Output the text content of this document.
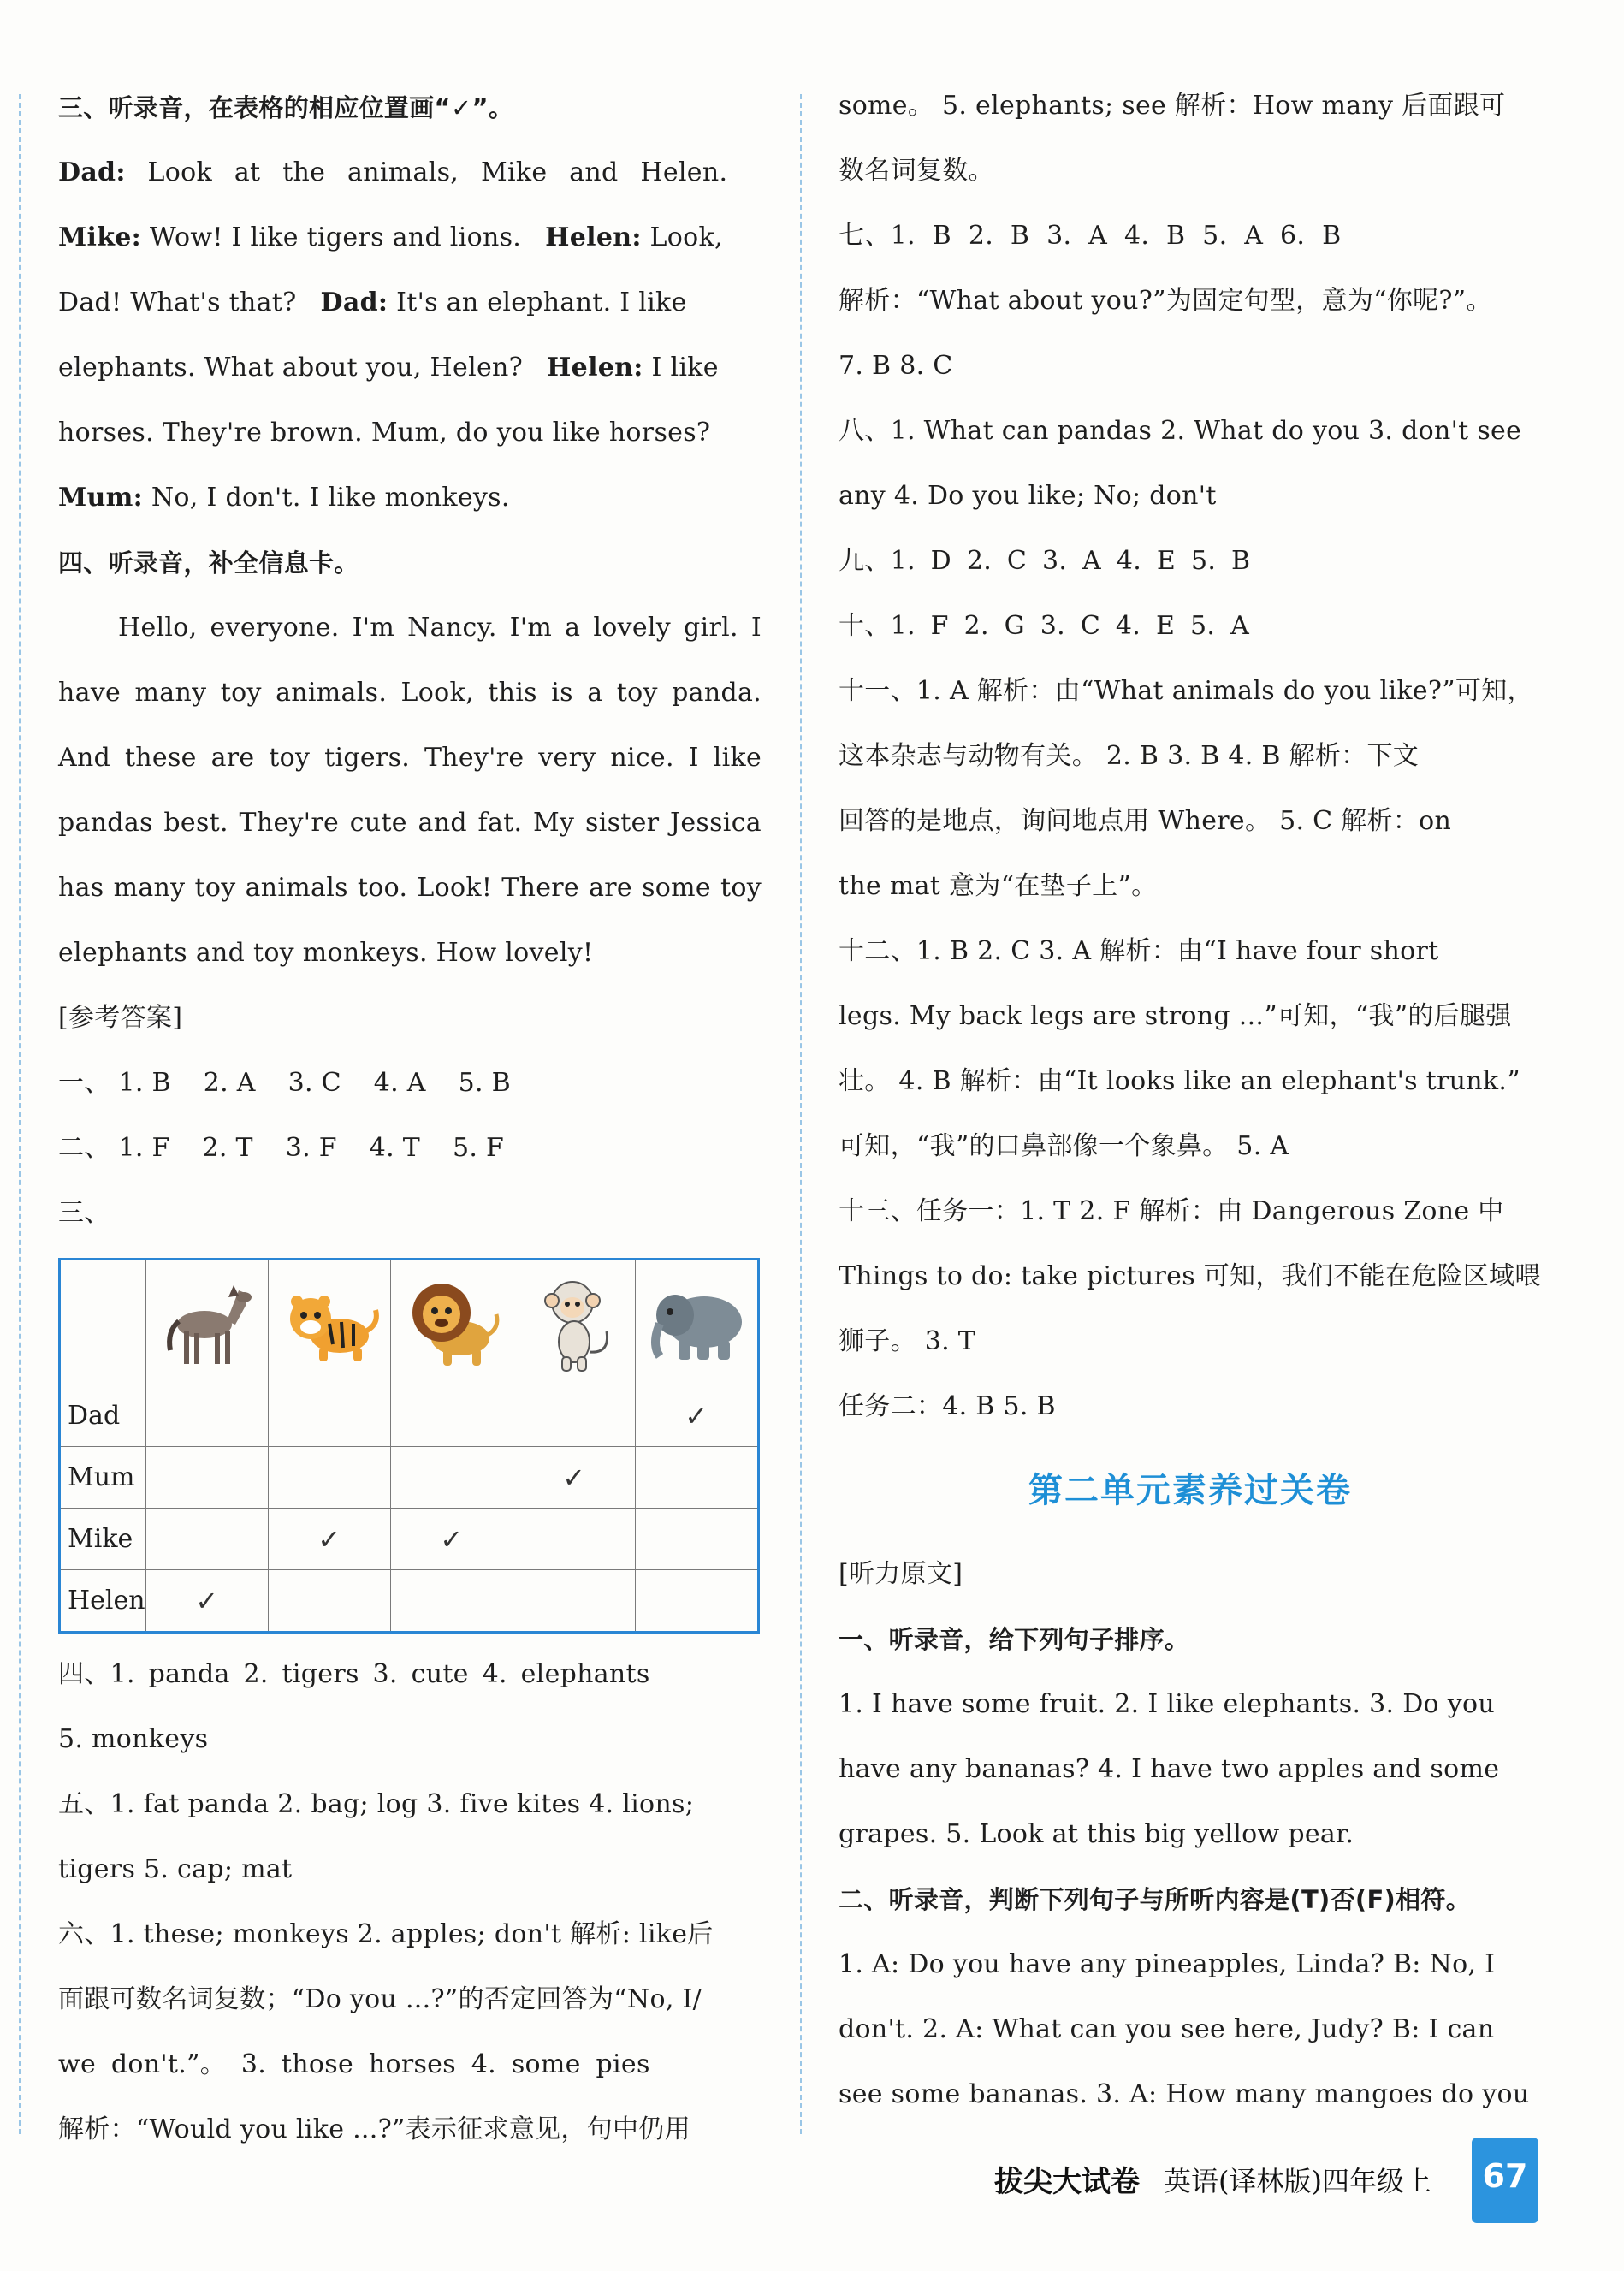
三、听录音，在表格的相应位置画“✓”。
Dad: Look at the animals, Mike and Helen.
Mike: Wow! I like tigers and lions. Helen: Look,
Dad! What's that? Dad: It's an elephant. I like
elephants. What about you, Helen? Helen: I like
horses. They're brown. Mum, do you like horses?
Mum: No, I don't. I like monkeys.
四、听录音，补全信息卡。
Hello, everyone. I'm Nancy. I'm a lovely girl. I have many toy animals. Look, this is a toy panda. And these are toy tigers. They're very nice. I like pandas best. They're cute and fat. My sister Jessica has many toy animals too. Look! There are some toy elephants and toy monkeys. How lovely!
[参考答案]
一、 1. B 2. A 3. C 4. A 5. B
二、 1. F 2. T 3. F 4. T 5. F
三、

Dad					✓
Mum				✓	
Mike		✓	✓		
Helen	✓				
四、1. panda 2. tigers 3. cute 4. elephants
5. monkeys
五、1. fat panda 2. bag; log 3. five kites 4. lions;
tigers 5. cap; mat
六、1. these; monkeys 2. apples; don't 解析: like后
面跟可数名词复数；“Do you ...?”的否定回答为“No, I/
we don't.”。 3. those horses 4. some pies
解析：“Would you like ...?”表示征求意见，句中仍用
some。 5. elephants; see 解析：How many 后面跟可
数名词复数。
七、1. B 2. B 3. A 4. B 5. A 6. B
解析：“What about you?”为固定句型，意为“你呢?”。
7. B 8. C
八、1. What can pandas 2. What do you 3. don't see
any 4. Do you like; No; don't
九、1. D 2. C 3. A 4. E 5. B
十、1. F 2. G 3. C 4. E 5. A
十一、1. A 解析：由“What animals do you like?”可知，
这本杂志与动物有关。 2. B 3. B 4. B 解析：下文
回答的是地点，询问地点用 Where。 5. C 解析：on
the mat 意为“在垫子上”。
十二、1. B 2. C 3. A 解析：由“I have four short
legs. My back legs are strong ...”可知，“我”的后腿强
壮。 4. B 解析：由“It looks like an elephant's trunk.”
可知，“我”的口鼻部像一个象鼻。 5. A
十三、任务一：1. T 2. F 解析：由 Dangerous Zone 中
Things to do: take pictures 可知，我们不能在危险区域喂
狮子。 3. T
任务二：4. B 5. B
第二单元素养过关卷
[听力原文]
一、听录音，给下列句子排序。
1. I have some fruit. 2. I like elephants. 3. Do you
have any bananas? 4. I have two apples and some
grapes. 5. Look at this big yellow pear.
二、听录音，判断下列句子与所听内容是(T)否(F)相符。
1. A: Do you have any pineapples, Linda? B: No, I
don't. 2. A: What can you see here, Judy? B: I can
see some bananas. 3. A: How many mangoes do you
拔尖大试卷 英语(译林版)四年级上	67
